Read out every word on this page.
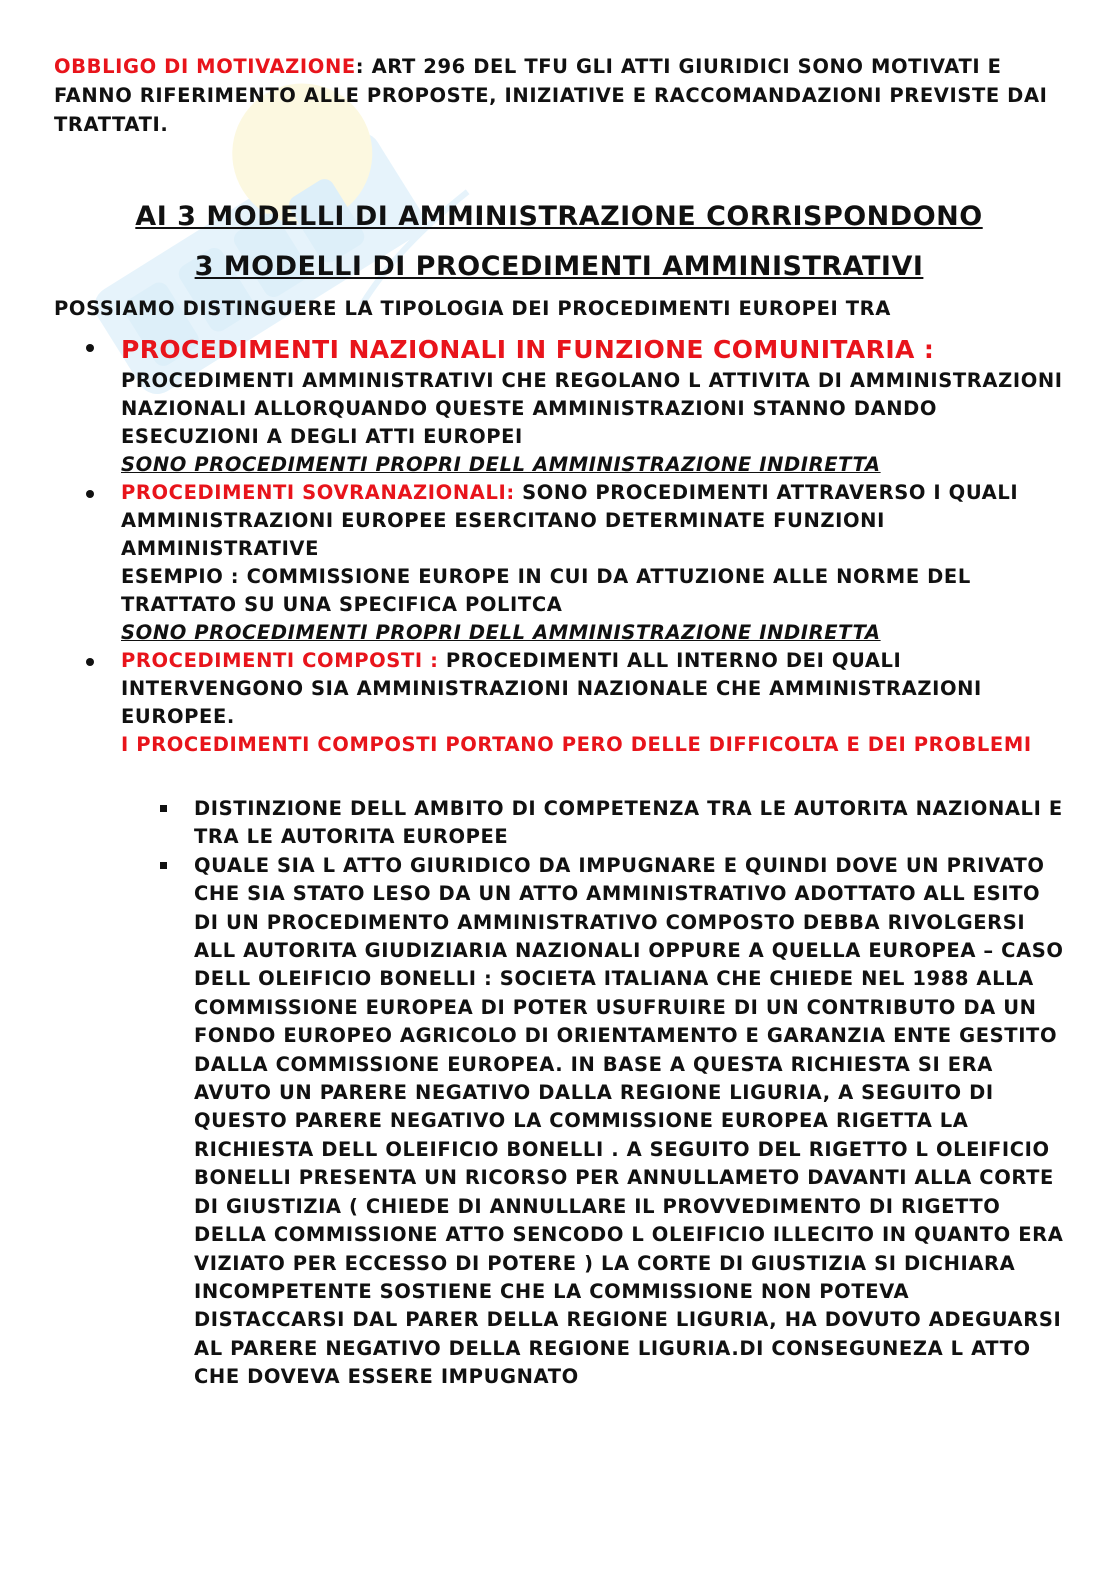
OBBLIGO DI MOTIVAZIONE: ART 296 DEL TFU GLI ATTI GIURIDICI SONO MOTIVATI E FANNO RIFERIMENTO ALLE PROPOSTE, INIZIATIVE E RACCOMANDAZIONI PREVISTE DAI TRATTATI.

AI 3 MODELLI DI AMMINISTRAZIONE CORRISPONDONO

3 MODELLI DI PROCEDIMENTI AMMINISTRATIVI

POSSIAMO DISTINGUERE LA TIPOLOGIA DEI PROCEDIMENTI EUROPEI TRA

PROCEDIMENTI NAZIONALI IN FUNZIONE COMUNITARIA :
PROCEDIMENTI AMMINISTRATIVI CHE REGOLANO L ATTIVITA DI AMMINISTRAZIONI NAZIONALI ALLORQUANDO QUESTE AMMINISTRAZIONI STANNO DANDO ESECUZIONI A DEGLI ATTI EUROPEI
SONO PROCEDIMENTI PROPRI DELL AMMINISTRAZIONE INDIRETTA
PROCEDIMENTI SOVRANAZIONALI: SONO PROCEDIMENTI ATTRAVERSO I QUALI AMMINISTRAZIONI EUROPEE ESERCITANO DETERMINATE FUNZIONI AMMINISTRATIVE
ESEMPIO : COMMISSIONE EUROPE IN CUI DA ATTUZIONE ALLE NORME DEL TRATTATO SU UNA SPECIFICA POLITCA
SONO PROCEDIMENTI PROPRI DELL AMMINISTRAZIONE INDIRETTA
PROCEDIMENTI COMPOSTI : PROCEDIMENTI ALL INTERNO DEI QUALI INTERVENGONO SIA AMMINISTRAZIONI NAZIONALE CHE AMMINISTRAZIONI EUROPEE.
I PROCEDIMENTI COMPOSTI PORTANO PERO DELLE DIFFICOLTA E DEI PROBLEMI
DISTINZIONE DELL AMBITO DI COMPETENZA TRA LE AUTORITA NAZIONALI E TRA LE AUTORITA EUROPEE
QUALE SIA L ATTO GIURIDICO DA IMPUGNARE E QUINDI DOVE UN PRIVATO CHE SIA STATO LESO DA UN ATTO AMMINISTRATIVO ADOTTATO ALL ESITO DI UN PROCEDIMENTO AMMINISTRATIVO COMPOSTO DEBBA RIVOLGERSI ALL AUTORITA GIUDIZIARIA NAZIONALI OPPURE A QUELLA EUROPEA – CASO DELL OLEIFICIO BONELLI : SOCIETA ITALIANA CHE CHIEDE NEL 1988 ALLA COMMISSIONE EUROPEA DI POTER USUFRUIRE DI UN CONTRIBUTO DA UN FONDO EUROPEO AGRICOLO DI ORIENTAMENTO E GARANZIA ENTE GESTITO DALLA COMMISSIONE EUROPEA. IN BASE A QUESTA RICHIESTA SI ERA AVUTO UN PARERE NEGATIVO DALLA REGIONE LIGURIA, A SEGUITO DI QUESTO PARERE NEGATIVO LA COMMISSIONE EUROPEA RIGETTA LA RICHIESTA DELL OLEIFICIO BONELLI . A SEGUITO DEL RIGETTO L OLEIFICIO BONELLI PRESENTA UN RICORSO PER ANNULLAMETO DAVANTI ALLA CORTE DI GIUSTIZIA ( CHIEDE DI ANNULLARE IL PROVVEDIMENTO DI RIGETTO DELLA COMMISSIONE ATTO SENCODO L OLEIFICIO ILLECITO IN QUANTO ERA VIZIATO PER ECCESSO DI POTERE ) LA CORTE DI GIUSTIZIA SI DICHIARA INCOMPETENTE SOSTIENE CHE LA COMMISSIONE NON POTEVA DISTACCARSI DAL PARER DELLA REGIONE LIGURIA, HA DOVUTO ADEGUARSI AL PARERE NEGATIVO DELLA REGIONE LIGURIA.DI CONSEGUNEZA L ATTO CHE DOVEVA ESSERE IMPUGNATO
